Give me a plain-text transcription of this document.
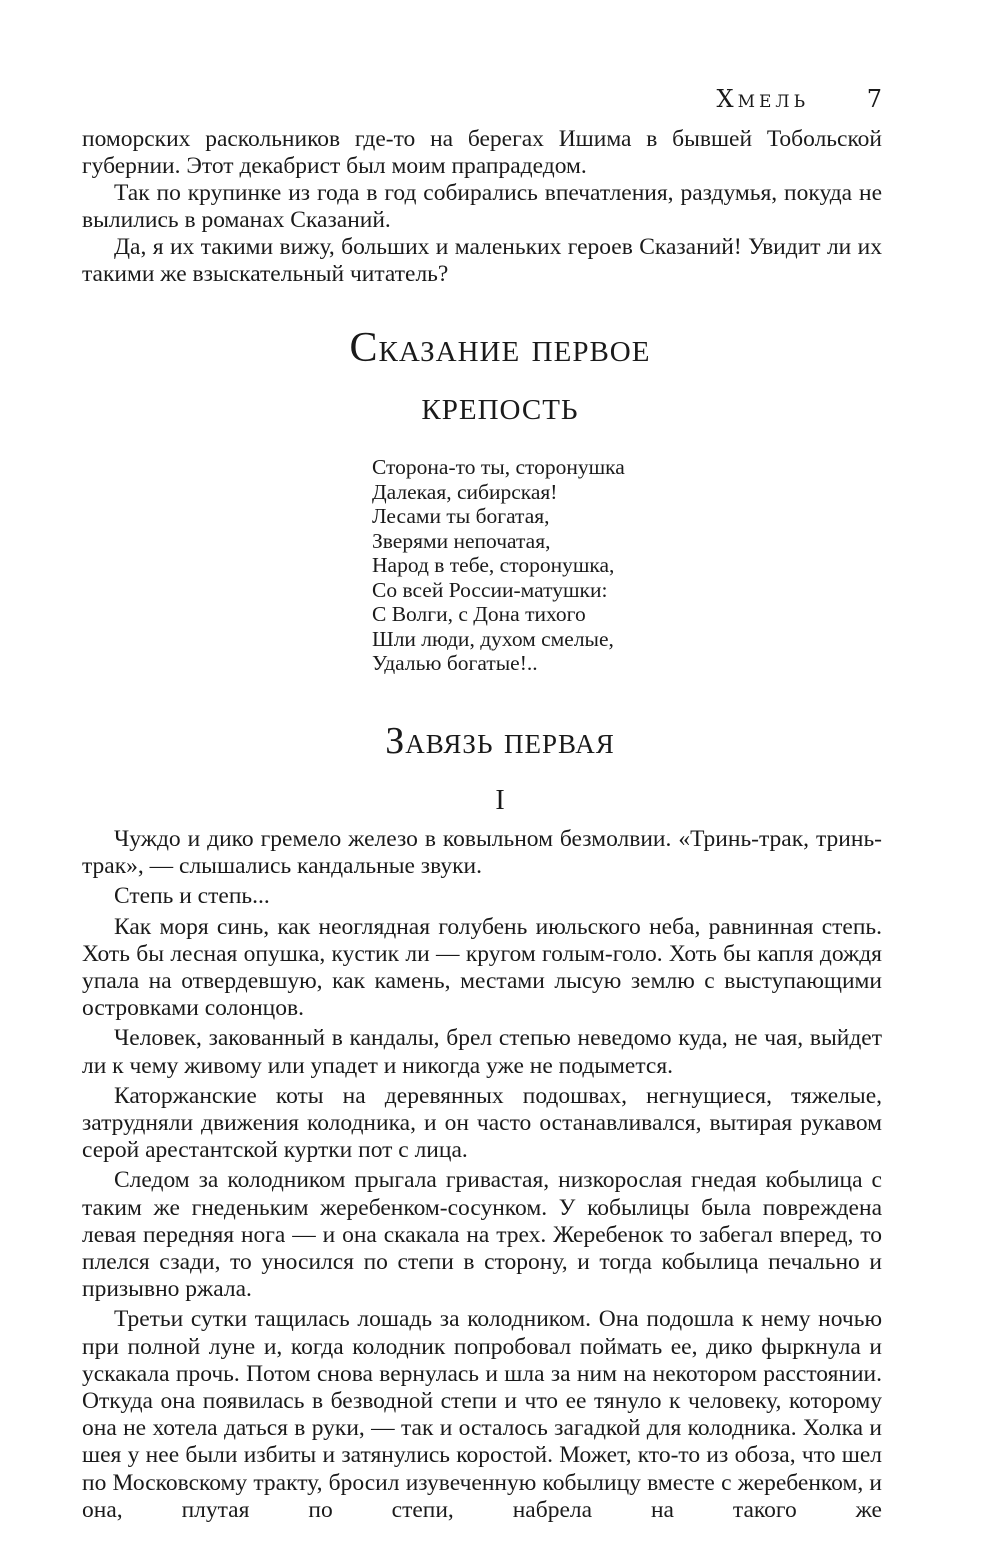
Хмель 7

поморских раскольников где-то на берегах Ишима в бывшей Тобольской губернии. Этот декабрист был моим прапрадедом.

Так по крупинке из года в год собирались впечатления, раздумья, покуда не вылились в романах Сказаний.

Да, я их такими вижу, больших и маленьких героев Сказаний! Увидит ли их такими же взыскательный читатель?

Сказание первое
крепость
Сторона-то ты, сторонушка
Далекая, сибирская!
Лесами ты богатая,
Зверями непочатая,
Народ в тебе, сторонушка,
Со всей России-матушки:
С Волги, с Дона тихого
Шли люди, духом смелые,
Удалью богатые!..
Завязь первая
I

Чуждо и дико гремело железо в ковыльном безмолвии. «Тринь-трак, тринь-трак», — слышались кандальные звуки.

Степь и степь...

Как моря синь, как неоглядная голубень июльского неба, равнинная степь. Хоть бы лесная опушка, кустик ли — кругом голым-голо. Хоть бы капля дождя упала на отвердевшую, как камень, местами лысую землю с выступающими островками солонцов.

Человек, закованный в кандалы, брел степью неведомо куда, не чая, выйдет ли к чему живому или упадет и никогда уже не подымется.

Каторжанские коты на деревянных подошвах, негнущиеся, тяжелые, затрудняли движения колодника, и он часто останавливался, вытирая рукавом серой арестантской куртки пот с лица.

Следом за колодником прыгала гривастая, низкорослая гнедая кобылица с таким же гнеденьким жеребенком-сосунком. У кобылицы была повреждена левая передняя нога — и она скакала на трех. Жеребенок то забегал вперед, то плелся сзади, то уносился по степи в сторону, и тогда кобылица печально и призывно ржала.

Третьи сутки тащилась лошадь за колодником. Она подошла к нему ночью при полной луне и, когда колодник попробовал поймать ее, дико фыркнула и ускакала прочь. Потом снова вернулась и шла за ним на некотором расстоянии. Откуда она появилась в безводной степи и что ее тянуло к человеку, которому она не хотела даться в руки, — так и осталось загадкой для колодника. Холка и шея у нее были избиты и затянулись коростой. Может, кто-то из обоза, что шел по Московскому тракту, бросил изувеченную кобылицу вместе с жеребенком, и она, плутая по степи, набрела на такого же
